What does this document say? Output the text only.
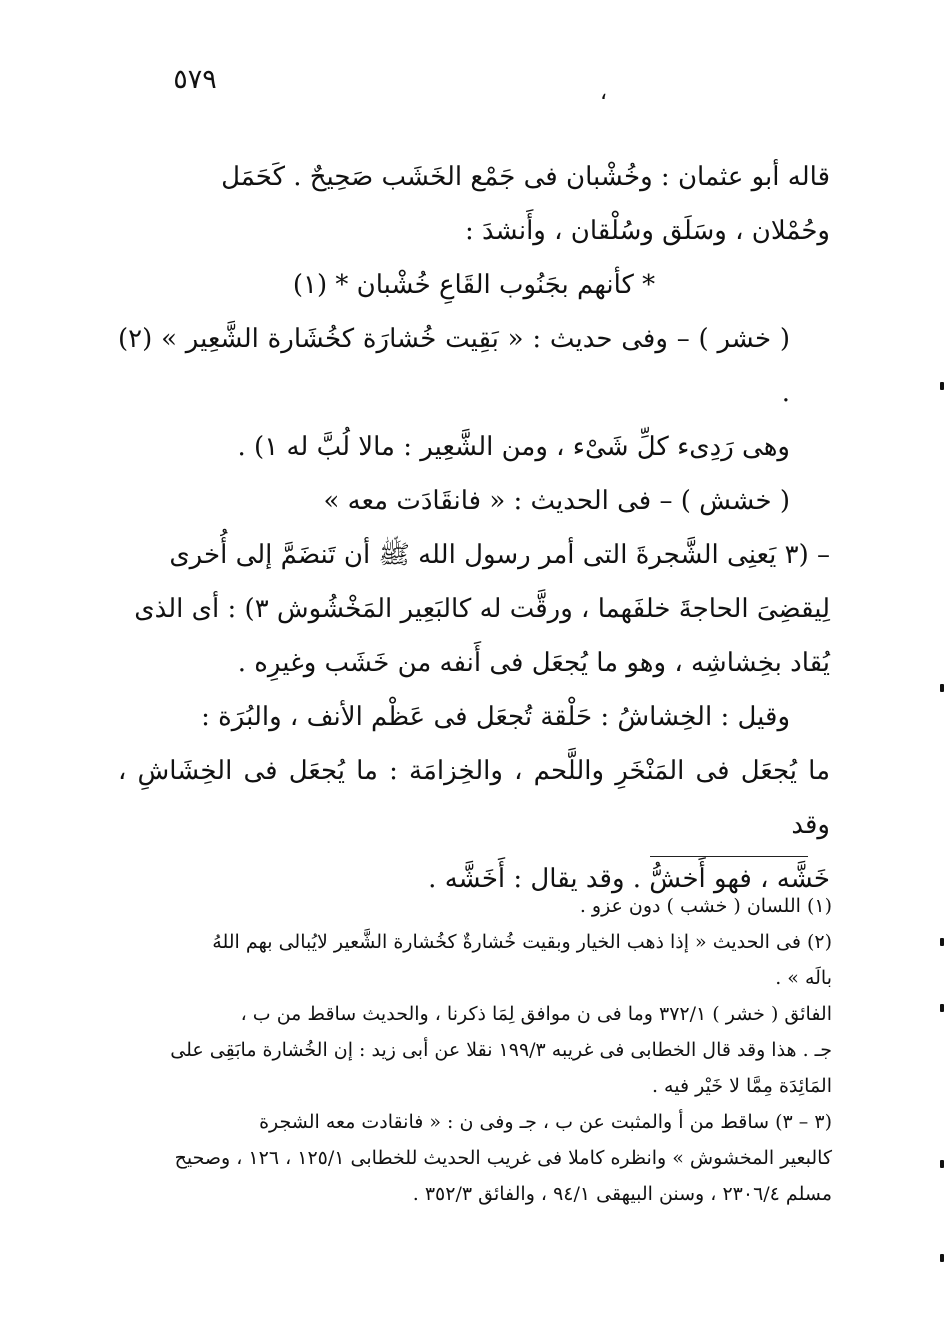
٥٧٩	،

قاله أبو عثمان : وخُشْبان فى جَمْع الخَشَب صَحِيحٌ . كَحَمَل
وحُمْلان ، وسَلَق وسُلْقان ، وأَنشدَ :
* كأنهم بجَنُوب القَاعِ خُشْبان * (١)

( خشر ) – وفى حديث : « بَقِيت خُشارَة كخُشَارة الشَّعِير » (٢) .
وهى رَدِىء كلِّ شَىْء ، ومن الشَّعِير : مالا لُبَّ له ١) .

( خشش ) – فى الحديث : « فانقَادَت معه »
– (٣ يَعنِى الشَّجرةَ التى أمر رسول الله ﷺ أن تَنضَمَّ إلى أُخرى
لِيقضِىَ الحاجةَ خلفَهما ، ورقَّت له كالبَعِير المَخْشُوش ٣) : أى الذى
يُقاد بخِشاشِه ، وهو ما يُجعَل فى أَنفه من خَشَب وغيرِه .

وقيل : الخِشاشُ : حَلْقة تُجعَل فى عَظْم الأنف ، والبُرَة :
ما يُجعَل فى المَنْخَرِ واللَّحم ، والخِزامَة : ما يُجعَل فى الخِشَاشِ ، وقد
خَشَّه ، فهو أَخشُّ . وقد يقال : أَخَشَّه .

(١) اللسان ( خشب ) دون عزو .
(٢) فى الحديث « إذا ذهب الخيار وبقيت خُشارةٌ كخُشارة الشَّعير لايُبالى بهم اللهُ
بالَه » .
الفائق ( خشر ) ٣٧٢/١ وما فى ن موافق لِمَا ذكرنا ، والحديث ساقط من ب ،
جـ . هذا وقد قال الخطابى فى غريبه ١٩٩/٣ نقلا عن أبى زيد : إن الخُشارة مابَقِى على
المَائِدَة مِمَّا لا خَيْر فيه .
(٣ – ٣) ساقط من أ والمثبت عن ب ، جـ وفى ن : « فانقادت معه الشجرة
كالبعير المخشوش » وانظره كاملا فى غريب الحديث للخطابى ١٢٥/١ ، ١٢٦ ، وصحيح
مسلم ٢٣٠٦/٤ ، وسنن البيهقى ٩٤/١ ، والفائق ٣٥٢/٣ .
